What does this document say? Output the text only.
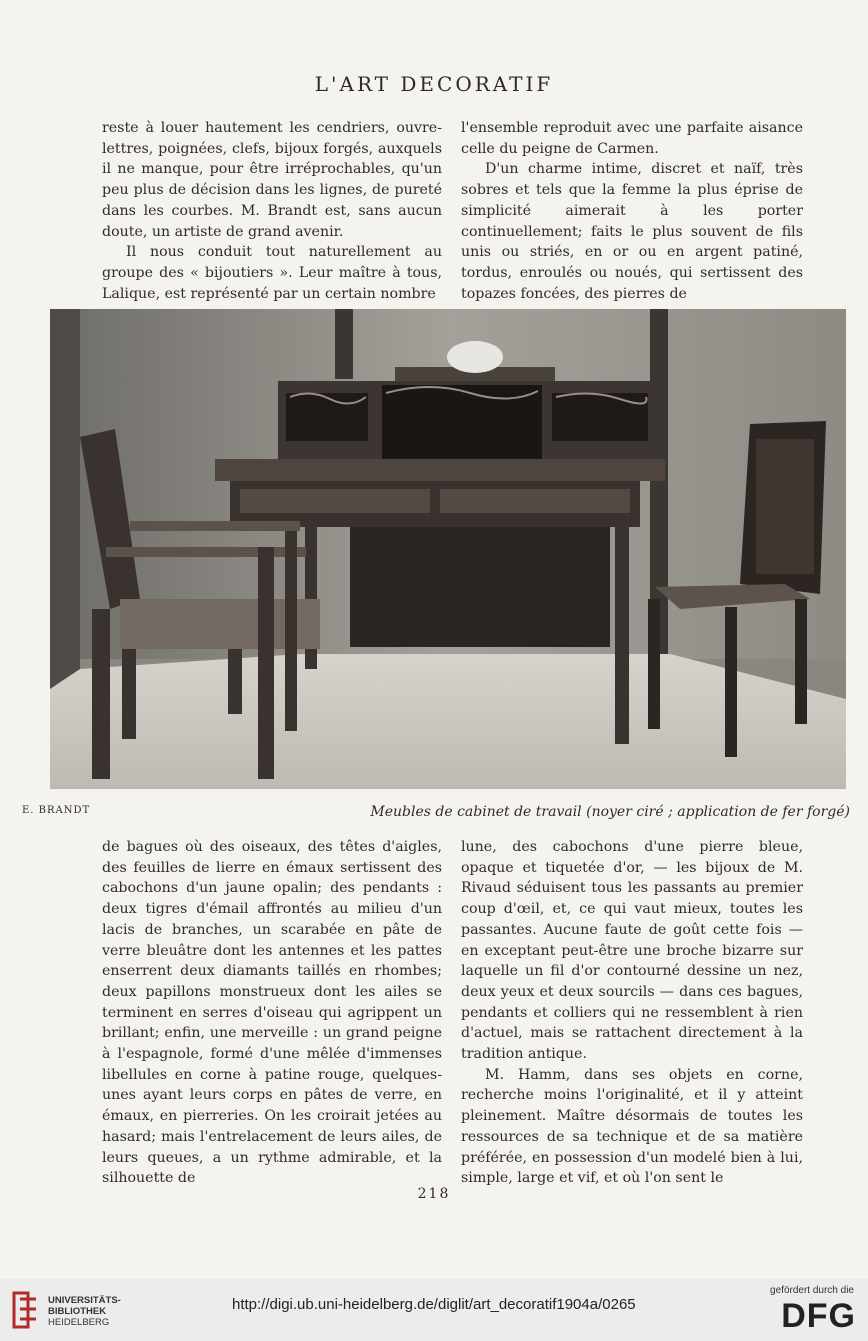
L'ART DECORATIF

reste à louer hautement les cendriers, ouvre-lettres, poignées, clefs, bijoux forgés, auxquels il ne manque, pour être irréprochables, qu'un peu plus de décision dans les lignes, de pureté dans les courbes. M. Brandt est, sans aucun doute, un artiste de grand avenir.

Il nous conduit tout naturellement au groupe des « bijoutiers ». Leur maître à tous, Lalique, est représenté par un certain nombre

l'ensemble reproduit avec une parfaite aisance celle du peigne de Carmen.

D'un charme intime, discret et naïf, très sobres et tels que la femme la plus éprise de simplicité aimerait à les porter continuellement; faits le plus souvent de fils unis ou striés, en or ou en argent patiné, tordus, enroulés ou noués, qui sertissent des topazes foncées, des pierres de

E. BRANDT	Meubles de cabinet de travail (noyer ciré ; application de fer forgé)

de bagues où des oiseaux, des têtes d'aigles, des feuilles de lierre en émaux sertissent des cabochons d'un jaune opalin; des pendants : deux tigres d'émail affrontés au milieu d'un lacis de branches, un scarabée en pâte de verre bleuâtre dont les antennes et les pattes enserrent deux diamants taillés en rhombes; deux papillons monstrueux dont les ailes se terminent en serres d'oiseau qui agrippent un brillant; enfin, une merveille : un grand peigne à l'espagnole, formé d'une mêlée d'immenses libellules en corne à patine rouge, quelques-unes ayant leurs corps en pâtes de verre, en émaux, en pierreries. On les croirait jetées au hasard; mais l'entrelacement de leurs ailes, de leurs queues, a un rythme admirable, et la silhouette de

lune, des cabochons d'une pierre bleue, opaque et tiquetée d'or, — les bijoux de M. Rivaud séduisent tous les passants au premier coup d'œil, et, ce qui vaut mieux, toutes les passantes. Aucune faute de goût cette fois — en exceptant peut-être une broche bizarre sur laquelle un fil d'or contourné dessine un nez, deux yeux et deux sourcils — dans ces bagues, pendants et colliers qui ne ressemblent à rien d'actuel, mais se rattachent directement à la tradition antique.

M. Hamm, dans ses objets en corne, recherche moins l'originalité, et il y atteint pleinement. Maître désormais de toutes les ressources de sa technique et de sa matière préférée, en possession d'un modelé bien à lui, simple, large et vif, et où l'on sent le

218
UNIVERSITÄTS-
BIBLIOTHEK
HEIDELBERG
http://digi.ub.uni-heidelberg.de/diglit/art_decoratif1904a/0265
gefördert durch die
DFG
